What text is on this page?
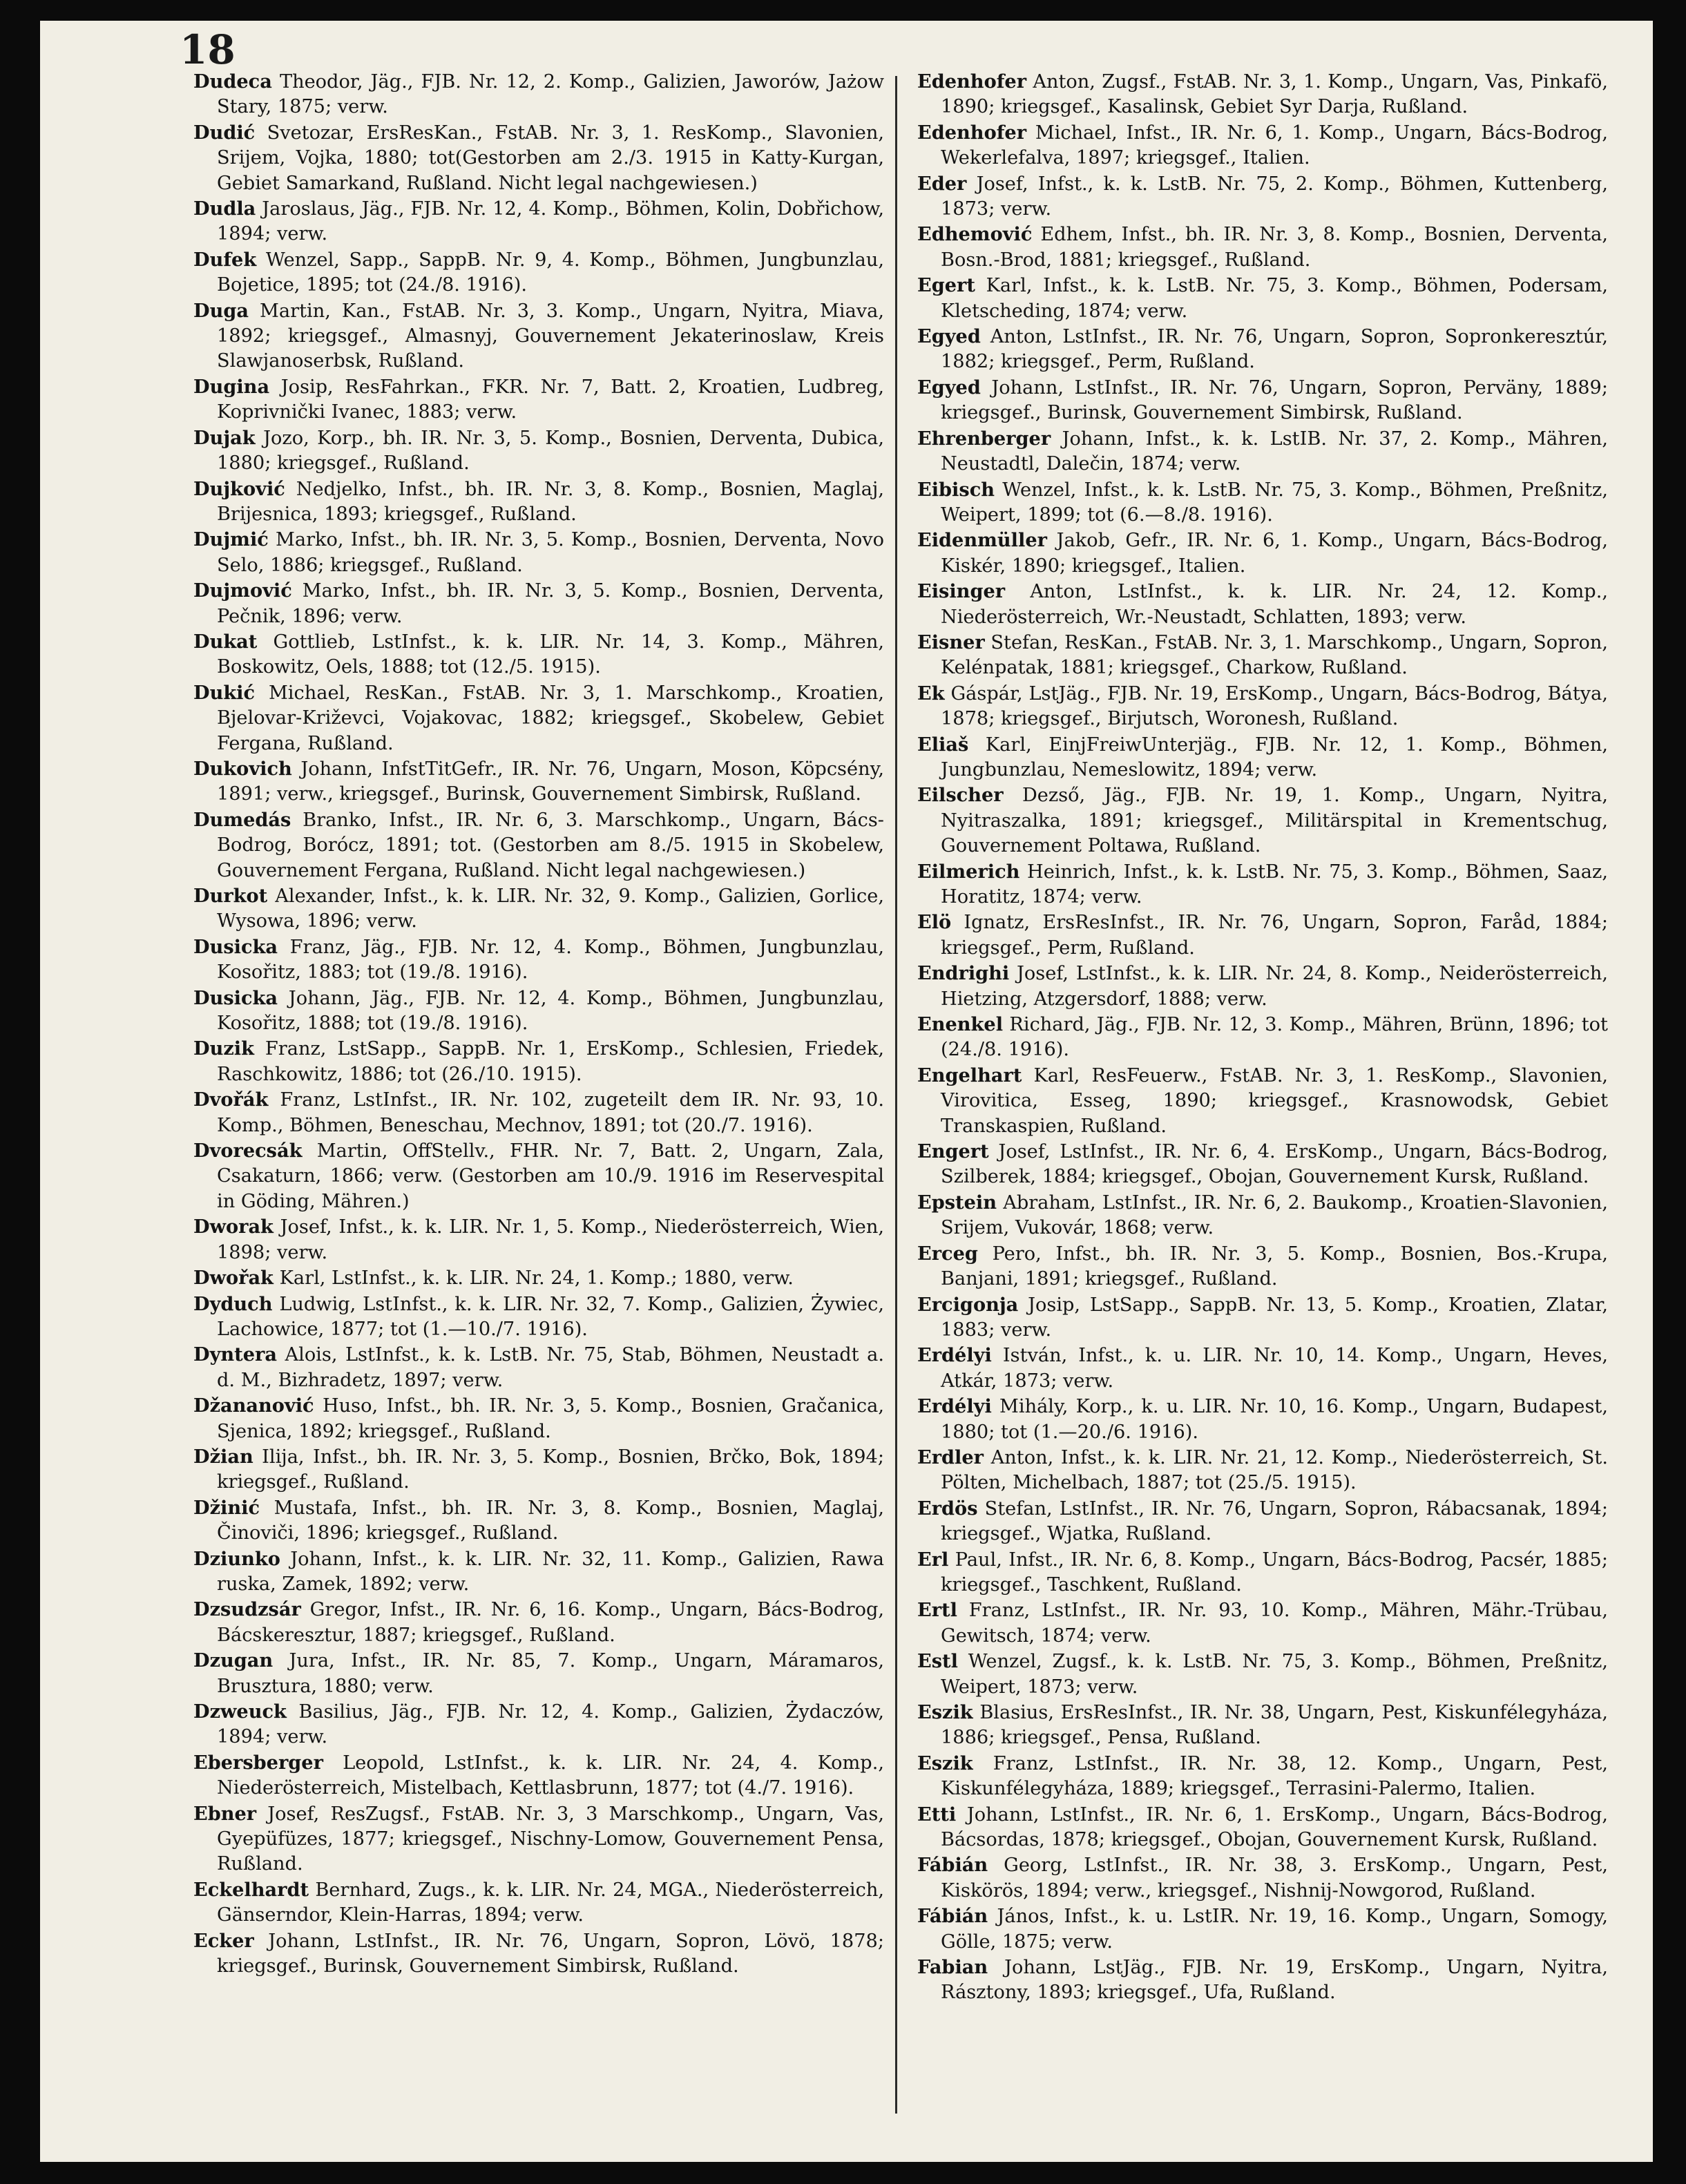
18

Dudeca Theodor, Jäg., FJB. Nr. 12, 2. Komp., Galizien, Jaworów, Jażow Stary, 1875; verw.

Dudić Svetozar, ErsResKan., FstAB. Nr. 3, 1. ResKomp., Slavonien, Srijem, Vojka, 1880; tot(Gestorben am 2./3. 1915 in Katty-Kurgan, Gebiet Samarkand, Rußland. Nicht legal nachgewiesen.)

Dudla Jaroslaus, Jäg., FJB. Nr. 12, 4. Komp., Böhmen, Kolin, Dobřichow, 1894; verw.

Dufek Wenzel, Sapp., SappB. Nr. 9, 4. Komp., Böhmen, Jungbunzlau, Bojetice, 1895; tot (24./8. 1916).

Duga Martin, Kan., FstAB. Nr. 3, 3. Komp., Ungarn, Nyitra, Miava, 1892; kriegsgef., Almasnyj, Gouvernement Jekaterinoslaw, Kreis Slawjanoserbsk, Rußland.

Dugina Josip, ResFahrkan., FKR. Nr. 7, Batt. 2, Kroatien, Ludbreg, Koprivnički Ivanec, 1883; verw.

Dujak Jozo, Korp., bh. IR. Nr. 3, 5. Komp., Bosnien, Derventa, Dubica, 1880; kriegsgef., Rußland.

Dujković Nedjelko, Infst., bh. IR. Nr. 3, 8. Komp., Bosnien, Maglaj, Brijesnica, 1893; kriegsgef., Rußland.

Dujmić Marko, Infst., bh. IR. Nr. 3, 5. Komp., Bosnien, Derventa, Novo Selo, 1886; kriegsgef., Rußland.

Dujmović Marko, Infst., bh. IR. Nr. 3, 5. Komp., Bosnien, Derventa, Pečnik, 1896; verw.

Dukat Gottlieb, LstInfst., k. k. LIR. Nr. 14, 3. Komp., Mähren, Boskowitz, Oels, 1888; tot (12./5. 1915).

Dukić Michael, ResKan., FstAB. Nr. 3, 1. Marschkomp., Kroatien, Bjelovar-Križevci, Vojakovac, 1882; kriegsgef., Skobelew, Gebiet Fergana, Rußland.

Dukovich Johann, InfstTitGefr., IR. Nr. 76, Ungarn, Moson, Köpcsény, 1891; verw., kriegsgef., Burinsk, Gouvernement Simbirsk, Rußland.

Dumedás Branko, Infst., IR. Nr. 6, 3. Marschkomp., Ungarn, Bács-Bodrog, Borócz, 1891; tot. (Gestorben am 8./5. 1915 in Skobelew, Gouvernement Fergana, Rußland. Nicht legal nachgewiesen.)

Durkot Alexander, Infst., k. k. LIR. Nr. 32, 9. Komp., Galizien, Gorlice, Wysowa, 1896; verw.

Dusicka Franz, Jäg., FJB. Nr. 12, 4. Komp., Böhmen, Jungbunzlau, Kosořitz, 1883; tot (19./8. 1916).

Dusicka Johann, Jäg., FJB. Nr. 12, 4. Komp., Böhmen, Jungbunzlau, Kosořitz, 1888; tot (19./8. 1916).

Duzik Franz, LstSapp., SappB. Nr. 1, ErsKomp., Schlesien, Friedek, Raschkowitz, 1886; tot (26./10. 1915).

Dvořák Franz, LstInfst., IR. Nr. 102, zugeteilt dem IR. Nr. 93, 10. Komp., Böhmen, Beneschau, Mechnov, 1891; tot (20./7. 1916).

Dvorecsák Martin, OffStellv., FHR. Nr. 7, Batt. 2, Ungarn, Zala, Csakaturn, 1866; verw. (Gestorben am 10./9. 1916 im Reservespital in Göding, Mähren.)

Dworak Josef, Infst., k. k. LIR. Nr. 1, 5. Komp., Niederösterreich, Wien, 1898; verw.

Dwořak Karl, LstInfst., k. k. LIR. Nr. 24, 1. Komp.; 1880, verw.

Dyduch Ludwig, LstInfst., k. k. LIR. Nr. 32, 7. Komp., Galizien, Żywiec, Lachowice, 1877; tot (1.—10./7. 1916).

Dyntera Alois, LstInfst., k. k. LstB. Nr. 75, Stab, Böhmen, Neustadt a. d. M., Bizhradetz, 1897; verw.

Džananović Huso, Infst., bh. IR. Nr. 3, 5. Komp., Bosnien, Gračanica, Sjenica, 1892; kriegsgef., Rußland.

Džian Ilija, Infst., bh. IR. Nr. 3, 5. Komp., Bosnien, Brčko, Bok, 1894; kriegsgef., Rußland.

Džinić Mustafa, Infst., bh. IR. Nr. 3, 8. Komp., Bosnien, Maglaj, Činoviči, 1896; kriegsgef., Rußland.

Dziunko Johann, Infst., k. k. LIR. Nr. 32, 11. Komp., Galizien, Rawa ruska, Zamek, 1892; verw.

Dzsudzsár Gregor, Infst., IR. Nr. 6, 16. Komp., Ungarn, Bács-Bodrog, Bácskeresztur, 1887; kriegsgef., Rußland.

Dzugan Jura, Infst., IR. Nr. 85, 7. Komp., Ungarn, Máramaros, Brusztura, 1880; verw.

Dzweuck Basilius, Jäg., FJB. Nr. 12, 4. Komp., Galizien, Żydaczów, 1894; verw.

Ebersberger Leopold, LstInfst., k. k. LIR. Nr. 24, 4. Komp., Niederösterreich, Mistelbach, Kettlasbrunn, 1877; tot (4./7. 1916).

Ebner Josef, ResZugsf., FstAB. Nr. 3, 3 Marschkomp., Ungarn, Vas, Gyepüfüzes, 1877; kriegsgef., Nischny-Lomow, Gouvernement Pensa, Rußland.

Eckelhardt Bernhard, Zugs., k. k. LIR. Nr. 24, MGA., Niederösterreich, Gänserndor, Klein-Harras, 1894; verw.

Ecker Johann, LstInfst., IR. Nr. 76, Ungarn, Sopron, Lövö, 1878; kriegsgef., Burinsk, Gouvernement Simbirsk, Rußland.

Edenhofer Anton, Zugsf., FstAB. Nr. 3, 1. Komp., Ungarn, Vas, Pinkafö, 1890; kriegsgef., Kasalinsk, Gebiet Syr Darja, Rußland.

Edenhofer Michael, Infst., IR. Nr. 6, 1. Komp., Ungarn, Bács-Bodrog, Wekerlefalva, 1897; kriegsgef., Italien.

Eder Josef, Infst., k. k. LstB. Nr. 75, 2. Komp., Böhmen, Kuttenberg, 1873; verw.

Edhemović Edhem, Infst., bh. IR. Nr. 3, 8. Komp., Bosnien, Derventa, Bosn.-Brod, 1881; kriegsgef., Rußland.

Egert Karl, Infst., k. k. LstB. Nr. 75, 3. Komp., Böhmen, Podersam, Kletscheding, 1874; verw.

Egyed Anton, LstInfst., IR. Nr. 76, Ungarn, Sopron, Sopronkeresztúr, 1882; kriegsgef., Perm, Rußland.

Egyed Johann, LstInfst., IR. Nr. 76, Ungarn, Sopron, Perväny, 1889; kriegsgef., Burinsk, Gouvernement Simbirsk, Rußland.

Ehrenberger Johann, Infst., k. k. LstIB. Nr. 37, 2. Komp., Mähren, Neustadtl, Dalečin, 1874; verw.

Eibisch Wenzel, Infst., k. k. LstB. Nr. 75, 3. Komp., Böhmen, Preßnitz, Weipert, 1899; tot (6.—8./8. 1916).

Eidenmüller Jakob, Gefr., IR. Nr. 6, 1. Komp., Ungarn, Bács-Bodrog, Kiskér, 1890; kriegsgef., Italien.

Eisinger Anton, LstInfst., k. k. LIR. Nr. 24, 12. Komp., Niederösterreich, Wr.-Neustadt, Schlatten, 1893; verw.

Eisner Stefan, ResKan., FstAB. Nr. 3, 1. Marschkomp., Ungarn, Sopron, Kelénpatak, 1881; kriegsgef., Charkow, Rußland.

Ek Gáspár, LstJäg., FJB. Nr. 19, ErsKomp., Ungarn, Bács-Bodrog, Bátya, 1878; kriegsgef., Birjutsch, Woronesh, Rußland.

Eliaš Karl, EinjFreiwUnterjäg., FJB. Nr. 12, 1. Komp., Böhmen, Jungbunzlau, Nemeslowitz, 1894; verw.

Eilscher Dezső, Jäg., FJB. Nr. 19, 1. Komp., Ungarn, Nyitra, Nyitraszalka, 1891; kriegsgef., Militärspital in Krementschug, Gouvernement Poltawa, Rußland.

Eilmerich Heinrich, Infst., k. k. LstB. Nr. 75, 3. Komp., Böhmen, Saaz, Horatitz, 1874; verw.

Elö Ignatz, ErsResInfst., IR. Nr. 76, Ungarn, Sopron, Faråd, 1884; kriegsgef., Perm, Rußland.

Endrighi Josef, LstInfst., k. k. LIR. Nr. 24, 8. Komp., Neiderösterreich, Hietzing, Atzgersdorf, 1888; verw.

Enenkel Richard, Jäg., FJB. Nr. 12, 3. Komp., Mähren, Brünn, 1896; tot (24./8. 1916).

Engelhart Karl, ResFeuerw., FstAB. Nr. 3, 1. ResKomp., Slavonien, Virovitica, Esseg, 1890; kriegsgef., Krasnowodsk, Gebiet Transkaspien, Rußland.

Engert Josef, LstInfst., IR. Nr. 6, 4. ErsKomp., Ungarn, Bács-Bodrog, Szilberek, 1884; kriegsgef., Obojan, Gouvernement Kursk, Rußland.

Epstein Abraham, LstInfst., IR. Nr. 6, 2. Baukomp., Kroatien-Slavonien, Srijem, Vukovár, 1868; verw.

Erceg Pero, Infst., bh. IR. Nr. 3, 5. Komp., Bosnien, Bos.-Krupa, Banjani, 1891; kriegsgef., Rußland.

Ercigonja Josip, LstSapp., SappB. Nr. 13, 5. Komp., Kroatien, Zlatar, 1883; verw.

Erdélyi István, Infst., k. u. LIR. Nr. 10, 14. Komp., Ungarn, Heves, Atkár, 1873; verw.

Erdélyi Mihály, Korp., k. u. LIR. Nr. 10, 16. Komp., Ungarn, Budapest, 1880; tot (1.—20./6. 1916).

Erdler Anton, Infst., k. k. LIR. Nr. 21, 12. Komp., Niederösterreich, St. Pölten, Michelbach, 1887; tot (25./5. 1915).

Erdös Stefan, LstInfst., IR. Nr. 76, Ungarn, Sopron, Rábacsanak, 1894; kriegsgef., Wjatka, Rußland.

Erl Paul, Infst., IR. Nr. 6, 8. Komp., Ungarn, Bács-Bodrog, Pacsér, 1885; kriegsgef., Taschkent, Rußland.

Ertl Franz, LstInfst., IR. Nr. 93, 10. Komp., Mähren, Mähr.-Trübau, Gewitsch, 1874; verw.

Estl Wenzel, Zugsf., k. k. LstB. Nr. 75, 3. Komp., Böhmen, Preßnitz, Weipert, 1873; verw.

Eszik Blasius, ErsResInfst., IR. Nr. 38, Ungarn, Pest, Kiskunfélegyháza, 1886; kriegsgef., Pensa, Rußland.

Eszik Franz, LstInfst., IR. Nr. 38, 12. Komp., Ungarn, Pest, Kiskunfélegyháza, 1889; kriegsgef., Terrasini-Palermo, Italien.

Etti Johann, LstInfst., IR. Nr. 6, 1. ErsKomp., Ungarn, Bács-Bodrog, Bácsordas, 1878; kriegsgef., Obojan, Gouvernement Kursk, Rußland.

Fábián Georg, LstInfst., IR. Nr. 38, 3. ErsKomp., Ungarn, Pest, Kiskörös, 1894; verw., kriegsgef., Nishnij-Nowgorod, Rußland.

Fábián János, Infst., k. u. LstIR. Nr. 19, 16. Komp., Ungarn, Somogy, Gölle, 1875; verw.

Fabian Johann, LstJäg., FJB. Nr. 19, ErsKomp., Ungarn, Nyitra, Rásztony, 1893; kriegsgef., Ufa, Rußland.
